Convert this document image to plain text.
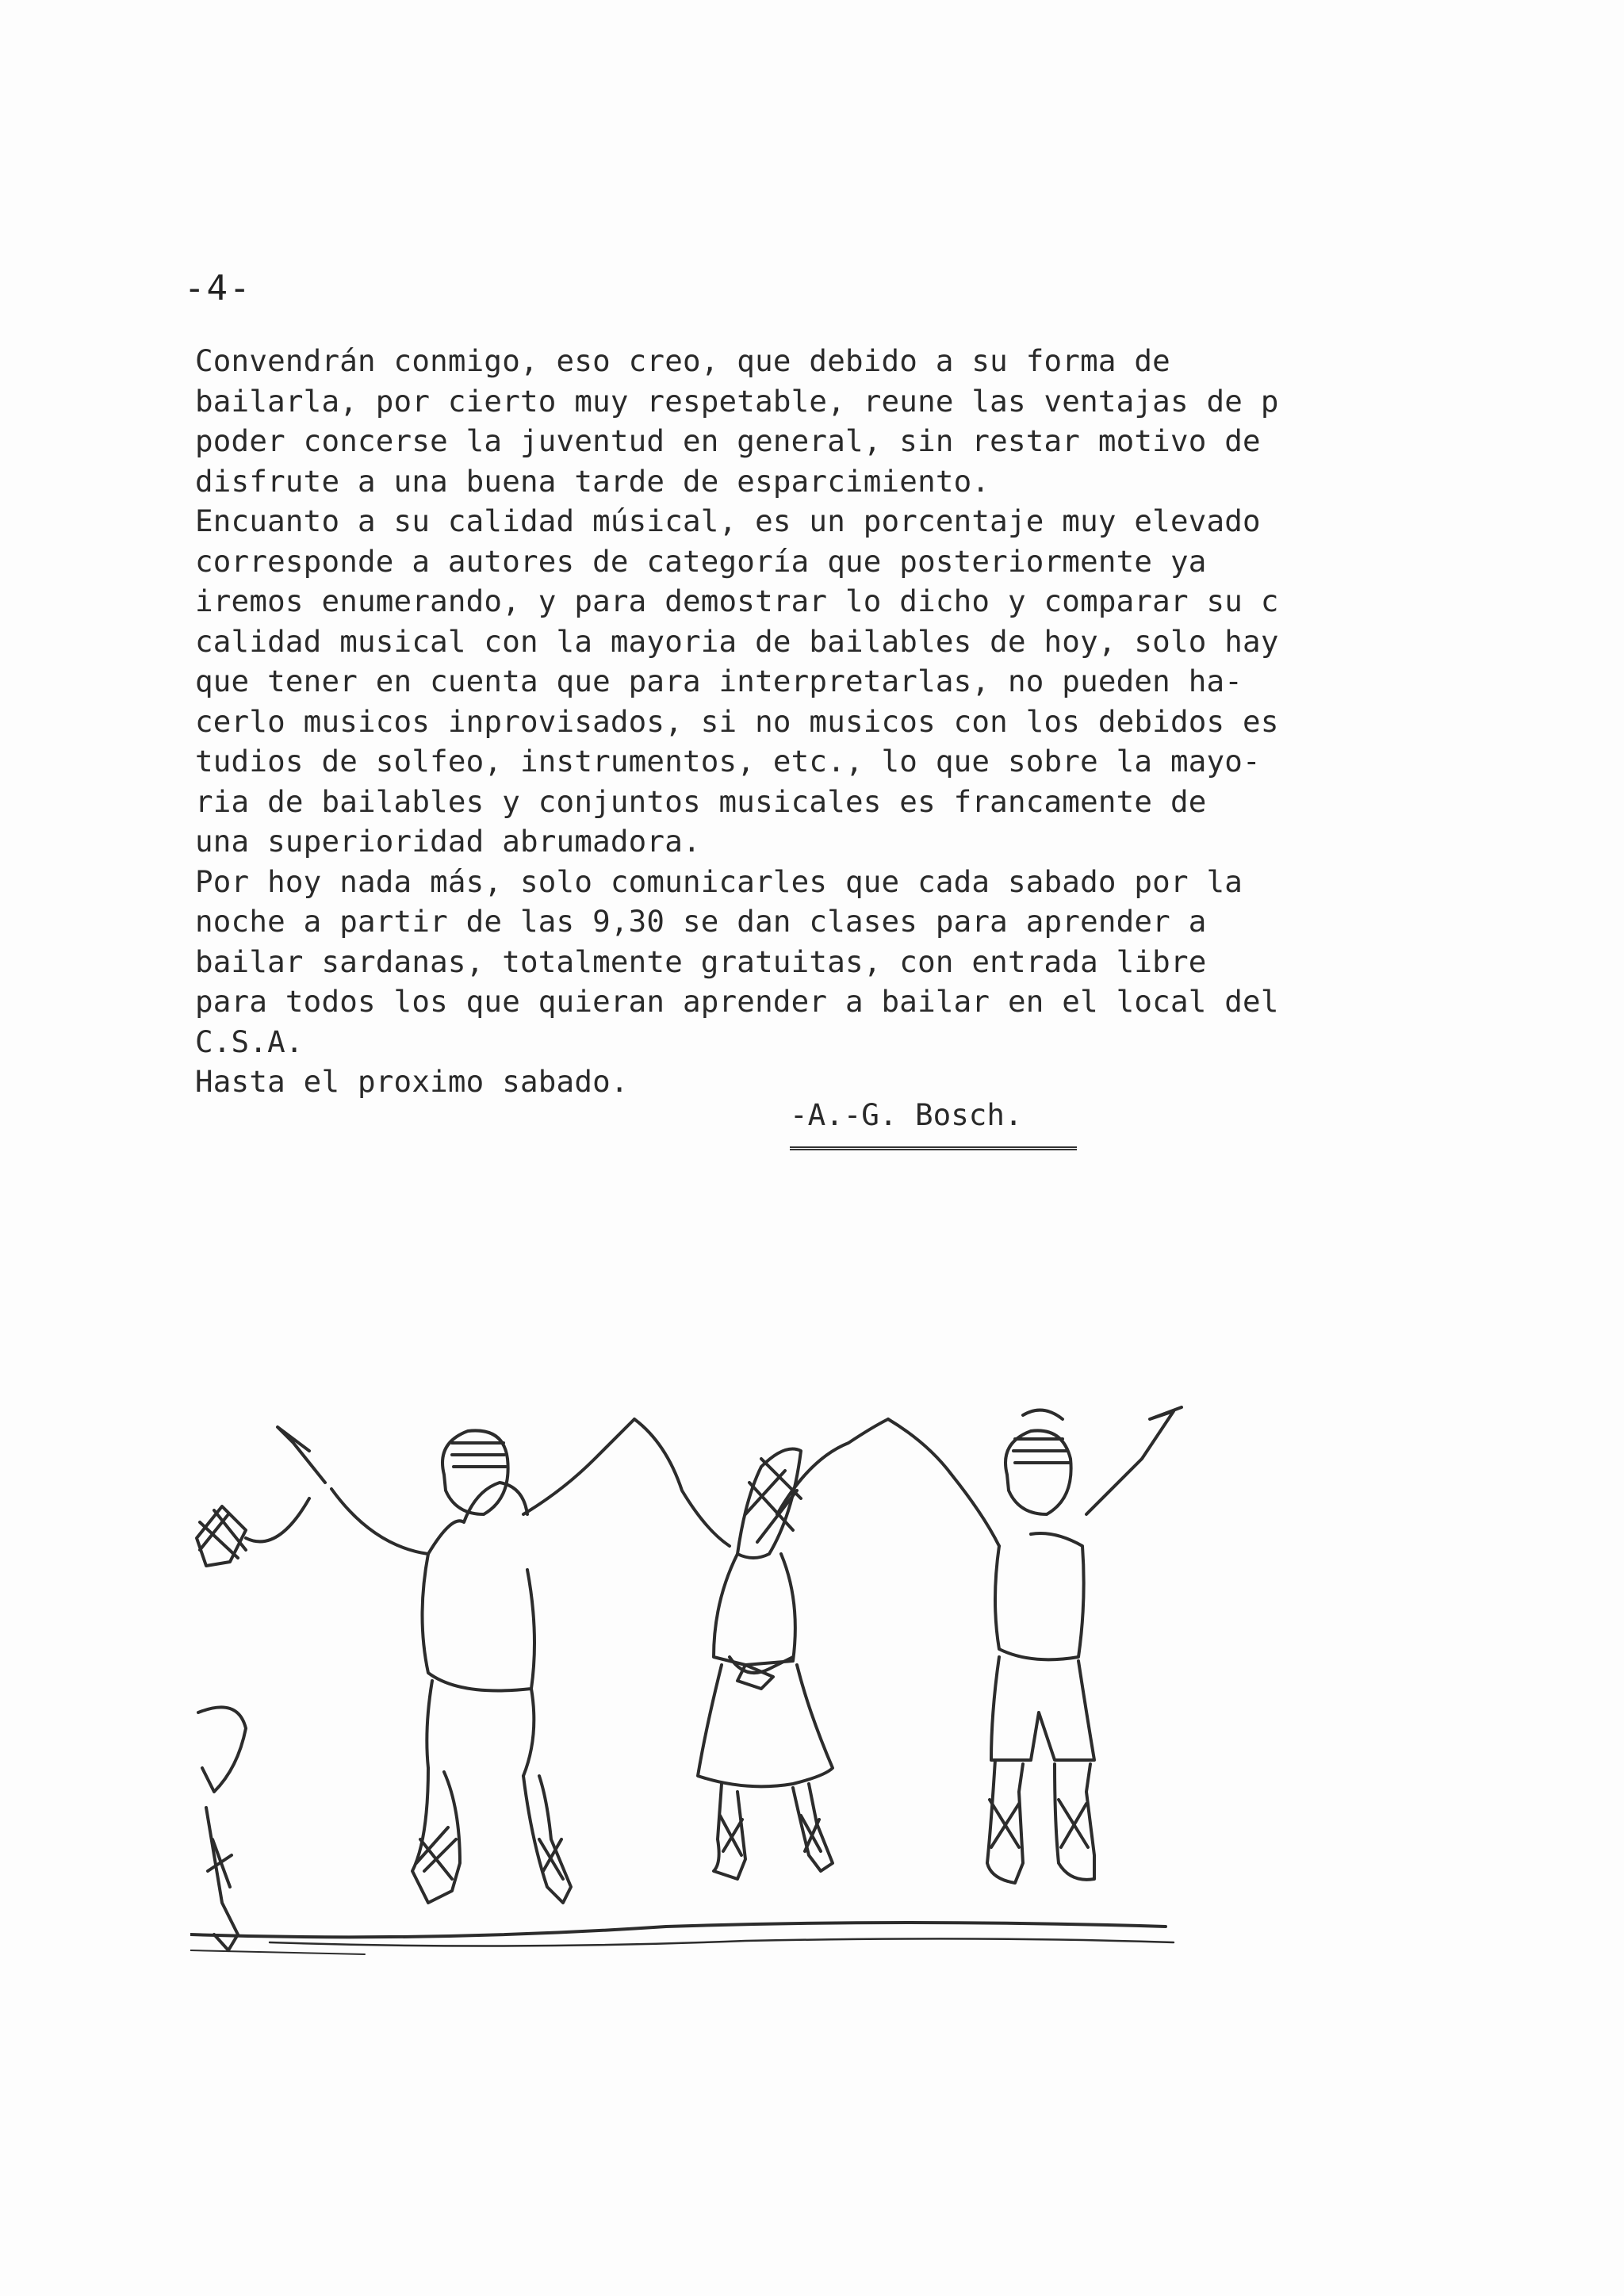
-4-
Convendrán conmigo, eso creo, que debido a su forma de
bailarla, por cierto muy respetable, reune las ventajas de p
poder concerse la juventud en general, sin restar motivo de
disfrute a una buena tarde de esparcimiento.
Encuanto a su calidad músical, es un porcentaje muy elevado
corresponde a autores de categoría que posteriormente ya
iremos enumerando, y para demostrar lo dicho y comparar su c
calidad musical con la mayoria de bailables de hoy, solo hay
que tener en cuenta que para interpretarlas, no pueden ha-
cerlo musicos inprovisados, si no musicos con los debidos es
tudios de solfeo, instrumentos, etc., lo que sobre la mayo-
ria de bailables y conjuntos musicales es francamente de
una superioridad abrumadora.
Por hoy nada más, solo comunicarles que cada sabado por la
noche a partir de las 9,30 se dan clases para aprender a
bailar sardanas, totalmente gratuitas, con entrada libre
para todos los que quieran aprender a bailar en el local del
C.S.A.
Hasta el proximo sabado.
-A.-G. Bosch.
